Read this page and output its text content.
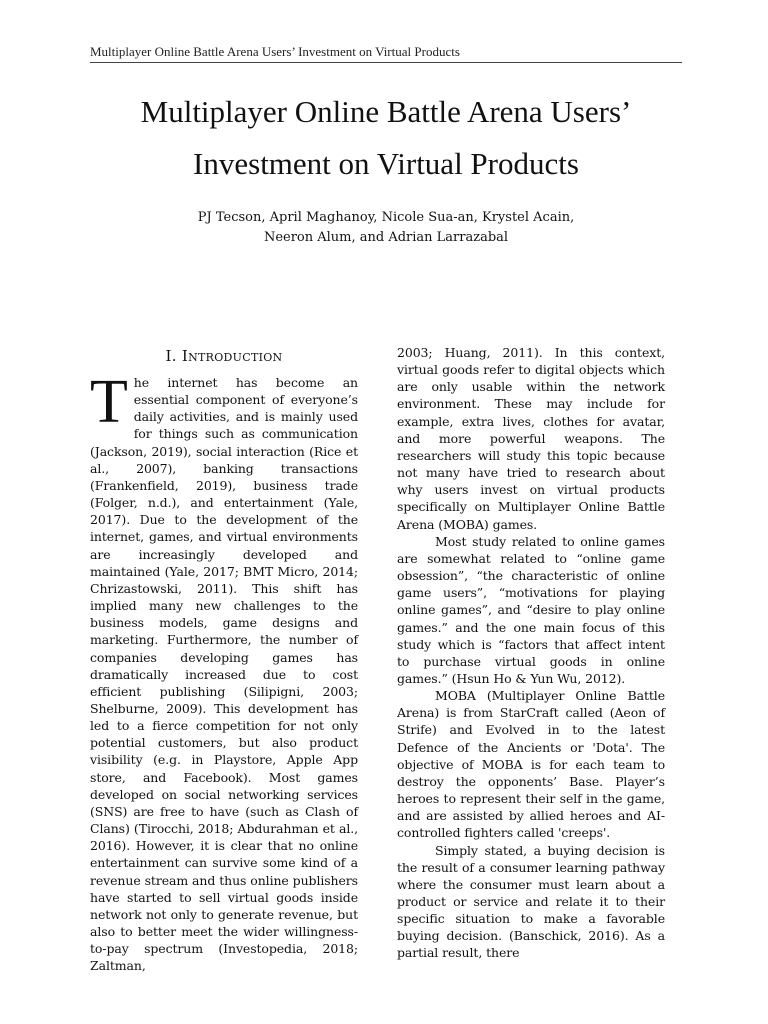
Multiplayer Online Battle Arena Users’ Investment on Virtual Products
Multiplayer Online Battle Arena Users’
Investment on Virtual Products
PJ Tecson, April Maghanoy, Nicole Sua-an, Krystel Acain,
Neeron Alum, and Adrian Larrazabal
I. Introduction

The internet has become an essential component of everyone’s daily activities, and is mainly used for things such as communication (Jackson, 2019), social interaction (Rice et al., 2007), banking transactions (Frankenfield, 2019), business trade (Folger, n.d.), and entertainment (Yale, 2017). Due to the development of the internet, games, and virtual environments are increasingly developed and maintained (Yale, 2017; BMT Micro, 2014; Chrizastowski, 2011). This shift has implied many new challenges to the business models, game designs and marketing. Furthermore, the number of companies developing games has dramatically increased due to cost efficient publishing (Silipigni, 2003; Shelburne, 2009). This development has led to a fierce competition for not only potential customers, but also product visibility (e.g. in Playstore, Apple App store, and Facebook). Most games developed on social networking services (SNS) are free to have (such as Clash of Clans) (Tirocchi, 2018; Abdurahman et al., 2016). However, it is clear that no online entertainment can survive some kind of a revenue stream and thus online publishers have started to sell virtual goods inside network not only to generate revenue, but also to better meet the wider willingness-to-pay spectrum (Investopedia, 2018; Zaltman,

2003; Huang, 2011). In this context, virtual goods refer to digital objects which are only usable within the network environment. These may include for example, extra lives, clothes for avatar, and more powerful weapons. The researchers will study this topic because not many have tried to research about why users invest on virtual products specifically on Multiplayer Online Battle Arena (MOBA) games.

Most study related to online games are somewhat related to “online game obsession”, “the characteristic of online game users”, “motivations for playing online games”, and “desire to play online games.” and the one main focus of this study which is “factors that affect intent to purchase virtual goods in online games.” (Hsun Ho & Yun Wu, 2012).

MOBA (Multiplayer Online Battle Arena) is from StarCraft called (Aeon of Strife) and Evolved in to the latest Defence of the Ancients or 'Dota'. The objective of MOBA is for each team to destroy the opponents’ Base. Player’s heroes to represent their self in the game, and are assisted by allied heroes and AI-controlled fighters called 'creeps'.

Simply stated, a buying decision is the result of a consumer learning pathway where the consumer must learn about a product or service and relate it to their specific situation to make a favorable buying decision. (Banschick, 2016). As a partial result, there
